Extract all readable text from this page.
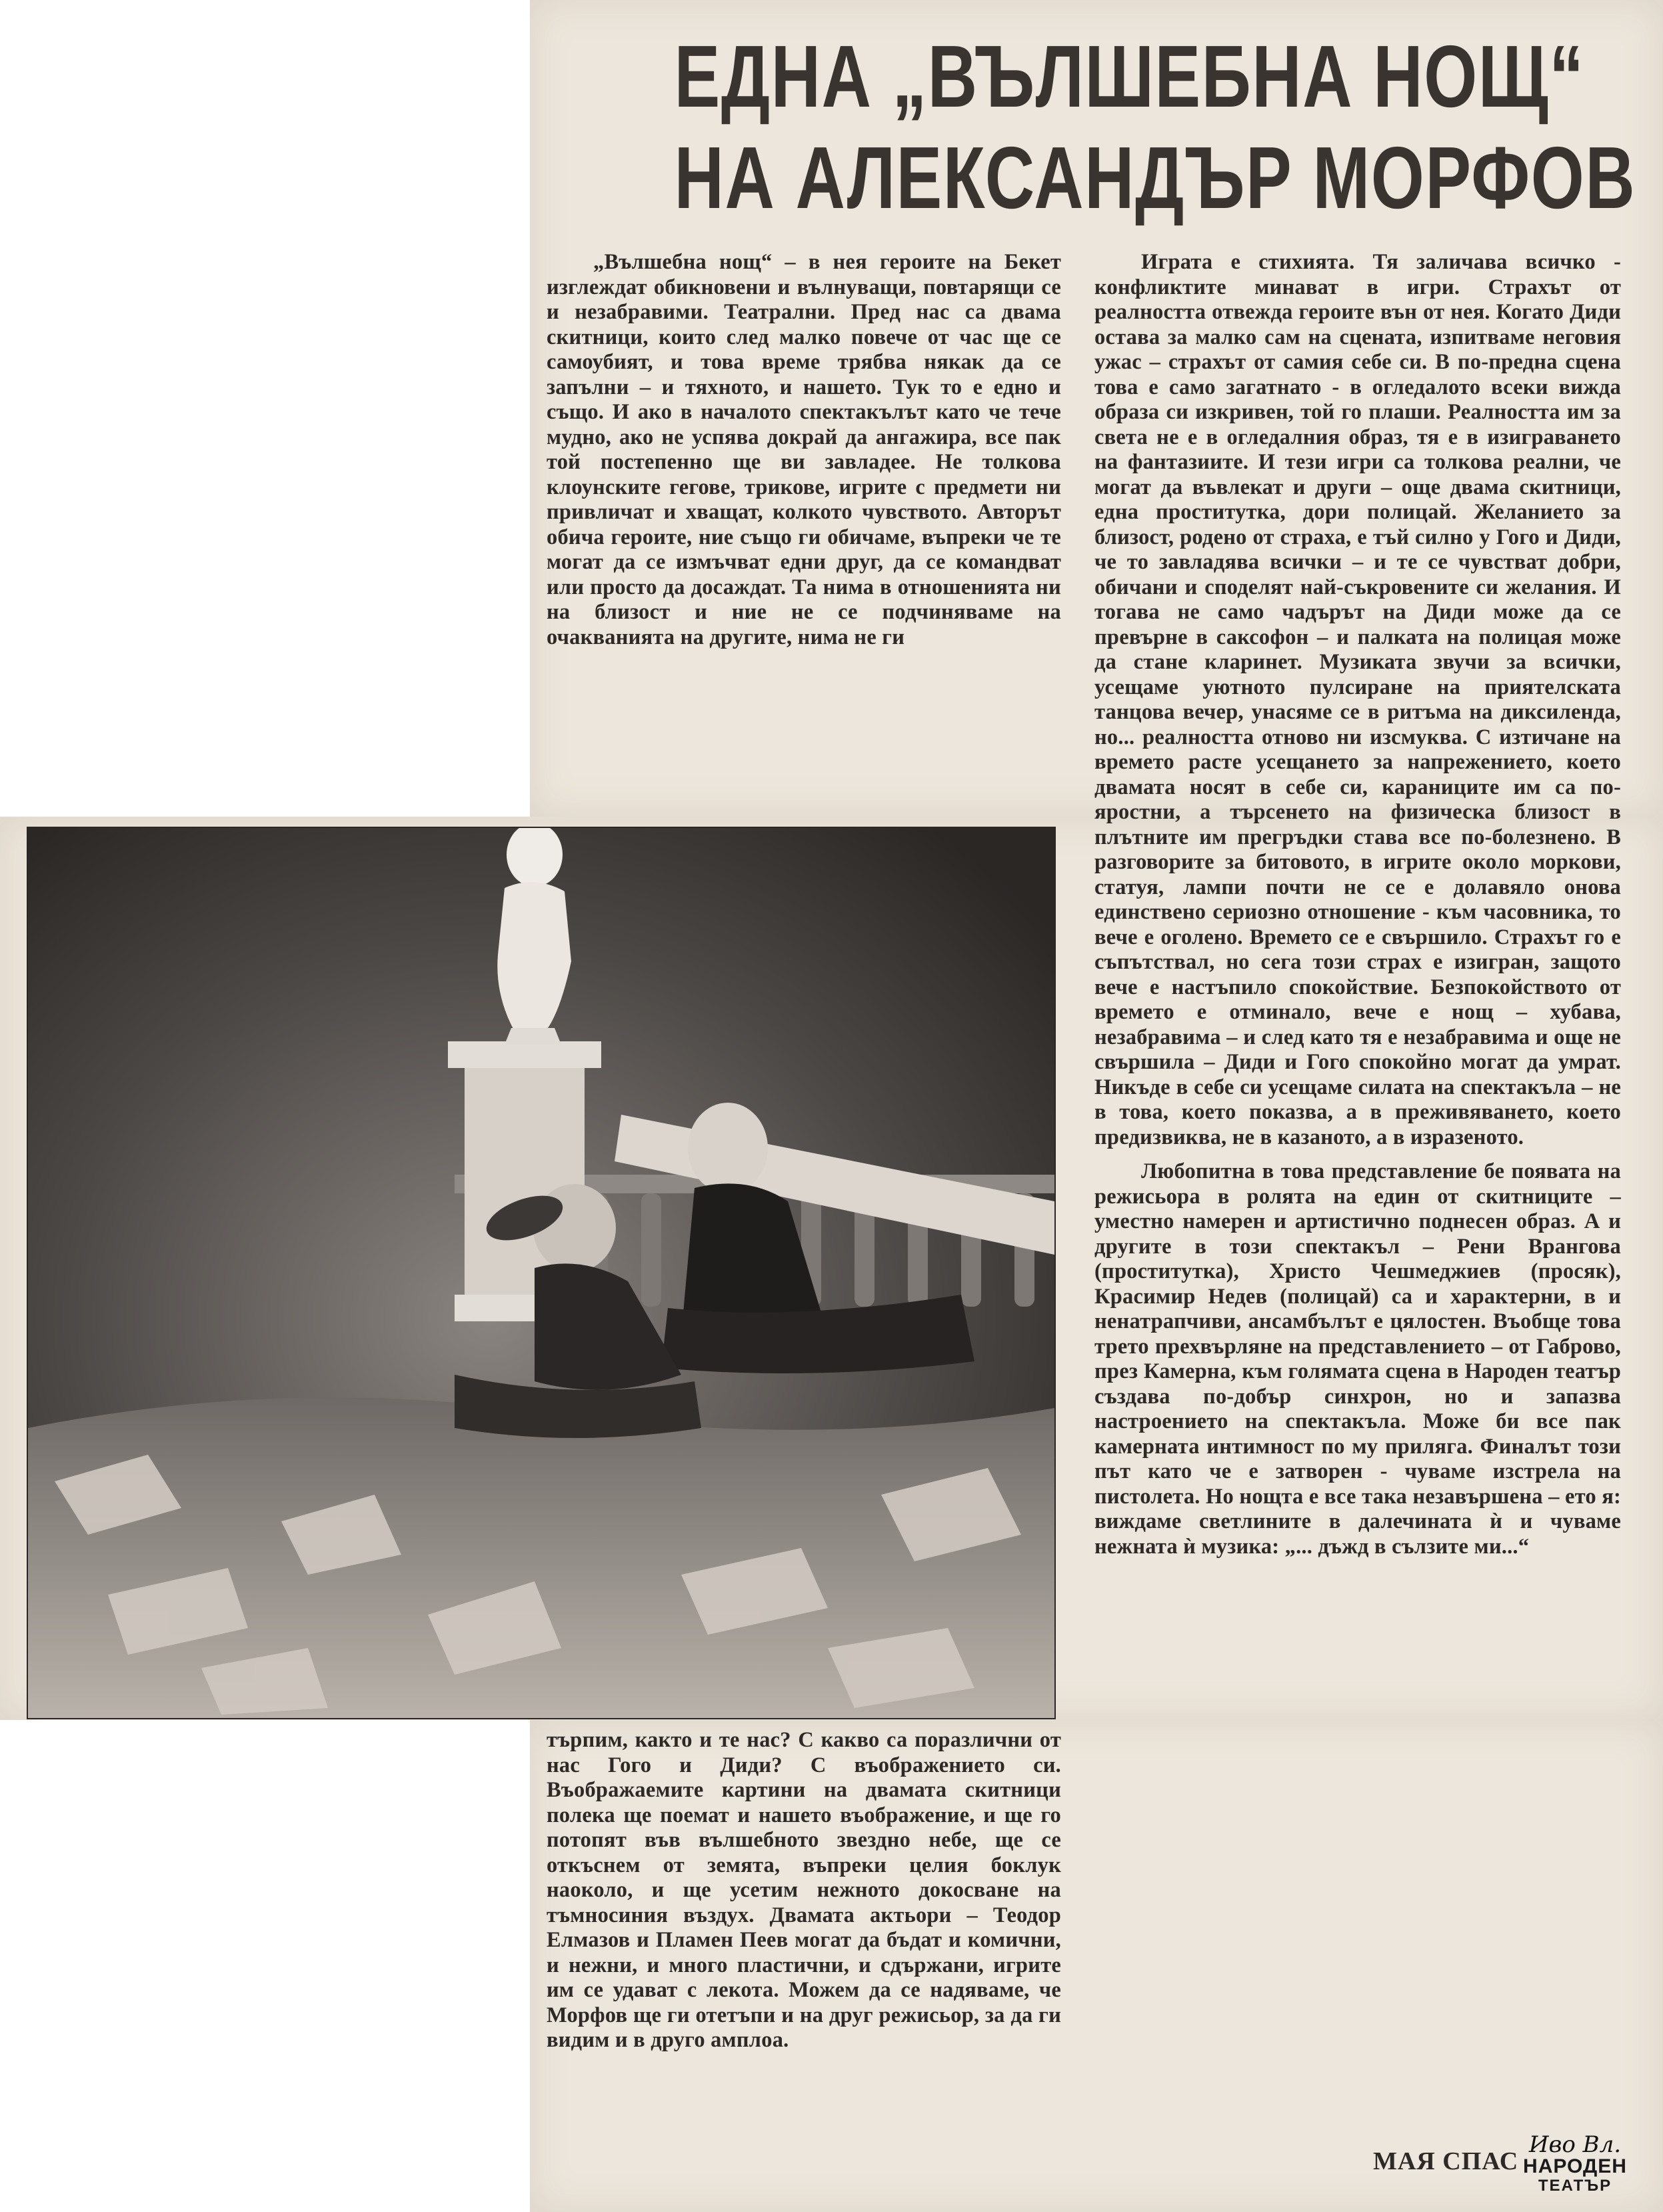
ЕДНА „ВЪЛШЕБНА НОЩ“
НА АЛЕКСАНДЪР МОРФОВ

„Вълшебна нощ“ – в нея героите на Бекет изглеждат обикновени и вълнуващи, повтарящи се и незабравими. Театрални. Пред нас са двама скитници, които след малко повече от час ще се самоубият, и това време трябва някак да се запълни – и тяхното, и нашето. Тук то е едно и също. И ако в началото спектакълът като че тече мудно, ако не успява докрай да ангажира, все пак той постепенно ще ви завладее. Не толкова клоунските гегове, трикове, игрите с предмети ни привличат и хващат, колкото чувството. Авторът обича героите, ние също ги обичаме, въпреки че те могат да се измъчват едни друг, да се командват или просто да досаждат. Та нима в отношенията ни на близост и ние не се подчиняваме на очакванията на другите, нима не ги

Играта е стихията. Тя заличава всичко - конфликтите минават в игри. Страхът от реалността отвежда героите вън от нея. Когато Диди остава за малко сам на сцената, изпитваме неговия ужас – страхът от самия себе си. В по-предна сцена това е само загатнато - в огледалото всеки вижда образа си изкривен, той го плаши. Реалността им за света не е в огледалния образ, тя е в изиграването на фантазиите. И тези игри са толкова реални, че могат да въвлекат и други – още двама скитници, една проститутка, дори полицай. Желанието за близост, родено от страха, е тъй силно у Гого и Диди, че то завладява всички – и те се чувстват добри, обичани и споделят най-съкровените си желания. И тогава не само чадърът на Диди може да се превърне в саксофон – и палката на полицая може да стане кларинет. Музиката звучи за всички, усещаме уютното пулсиране на приятелската танцова вечер, унасяме се в ритъма на диксиленда, но... реалността отново ни изсмуква. С изтичане на времето расте усещането за напрежението, което двамата носят в себе си, караниците им са по-яростни, а търсенето на физическа близост в плътните им прегръдки става все по-болезнено. В разговорите за битовото, в игрите около моркови, статуя, лампи почти не се е долавяло онова единствено сериозно отношение - към часовника, то вече е оголено. Времето се е свършило. Страхът го е съпътствал, но сега този страх е изигран, защото вече е настъпило спокойствие. Безпокойството от времето е отминало, вече е нощ – хубава, незабравима – и след като тя е незабравима и още не свършила – Диди и Гого спокойно могат да умрат. Никъде в себе си усещаме силата на спектакъла – не в това, което показва, а в преживяването, което предизвиква, не в казаното, а в изразеното.

Любопитна в това представление бе появата на режисьора в ролята на един от скитниците – уместно намерен и артистично поднесен образ. А и другите в този спектакъл – Рени Врангова (проститутка), Христо Чешмеджиев (просяк), Красимир Недев (полицай) са и характерни, в и ненатрапчиви, ансамбълът е цялостен. Въобще това трето прехвърляне на представлението – от Габрово, през Камерна, към голямата сцена в Народен театър създава по-добър синхрон, но и запазва настроението на спектакъла. Може би все пак камерната интимност по му прилягa. Финалът този път като че е затворен - чуваме изстрела на пистолета. Но нощта е все така незавършена – ето я: виждаме светлините в далечината ѝ и чуваме нежната ѝ музика: „... дъжд в сълзите ми...“

търпим, както и те нас? С какво са поразлични от нас Гого и Диди? С въображението си. Въображаемите картини на двамата скитници полека ще поемат и нашето въображение, и ще го потопят във вълшебното звездно небе, ще се откъснем от земята, въпреки целия боклук наоколо, и ще усетим нежното докосване на тъмносиния въздух. Двамата актьори – Теодор Елмазов и Пламен Пеев могат да бъдат и комични, и нежни, и много пластични, и сдържани, игрите им се удават с лекота. Можем да се надяваме, че Морфов ще ги отетъпи и на друг режисьор, за да ги видим и в друго амплоа.

МАЯ СПАС
Иво Вл.
НАРОДЕН
ТЕАТЪР
